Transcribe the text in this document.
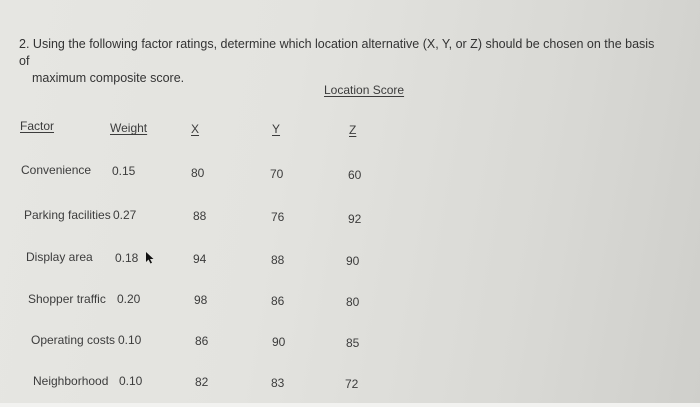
2. Using the following factor ratings, determine which location alternative (X, Y, or Z) should be chosen on the basis of
maximum composite score.
Location Score
Factor	Weight	X	Y	Z
Convenience 0.15	80	70	60
Parking facilities 0.27	88	76	92
Display area 0.18	94	88	90
Shopper traffic 0.20	98	86	80
Operating costs 0.10	86	90	85
Neighborhood 0.10	82	83	72
